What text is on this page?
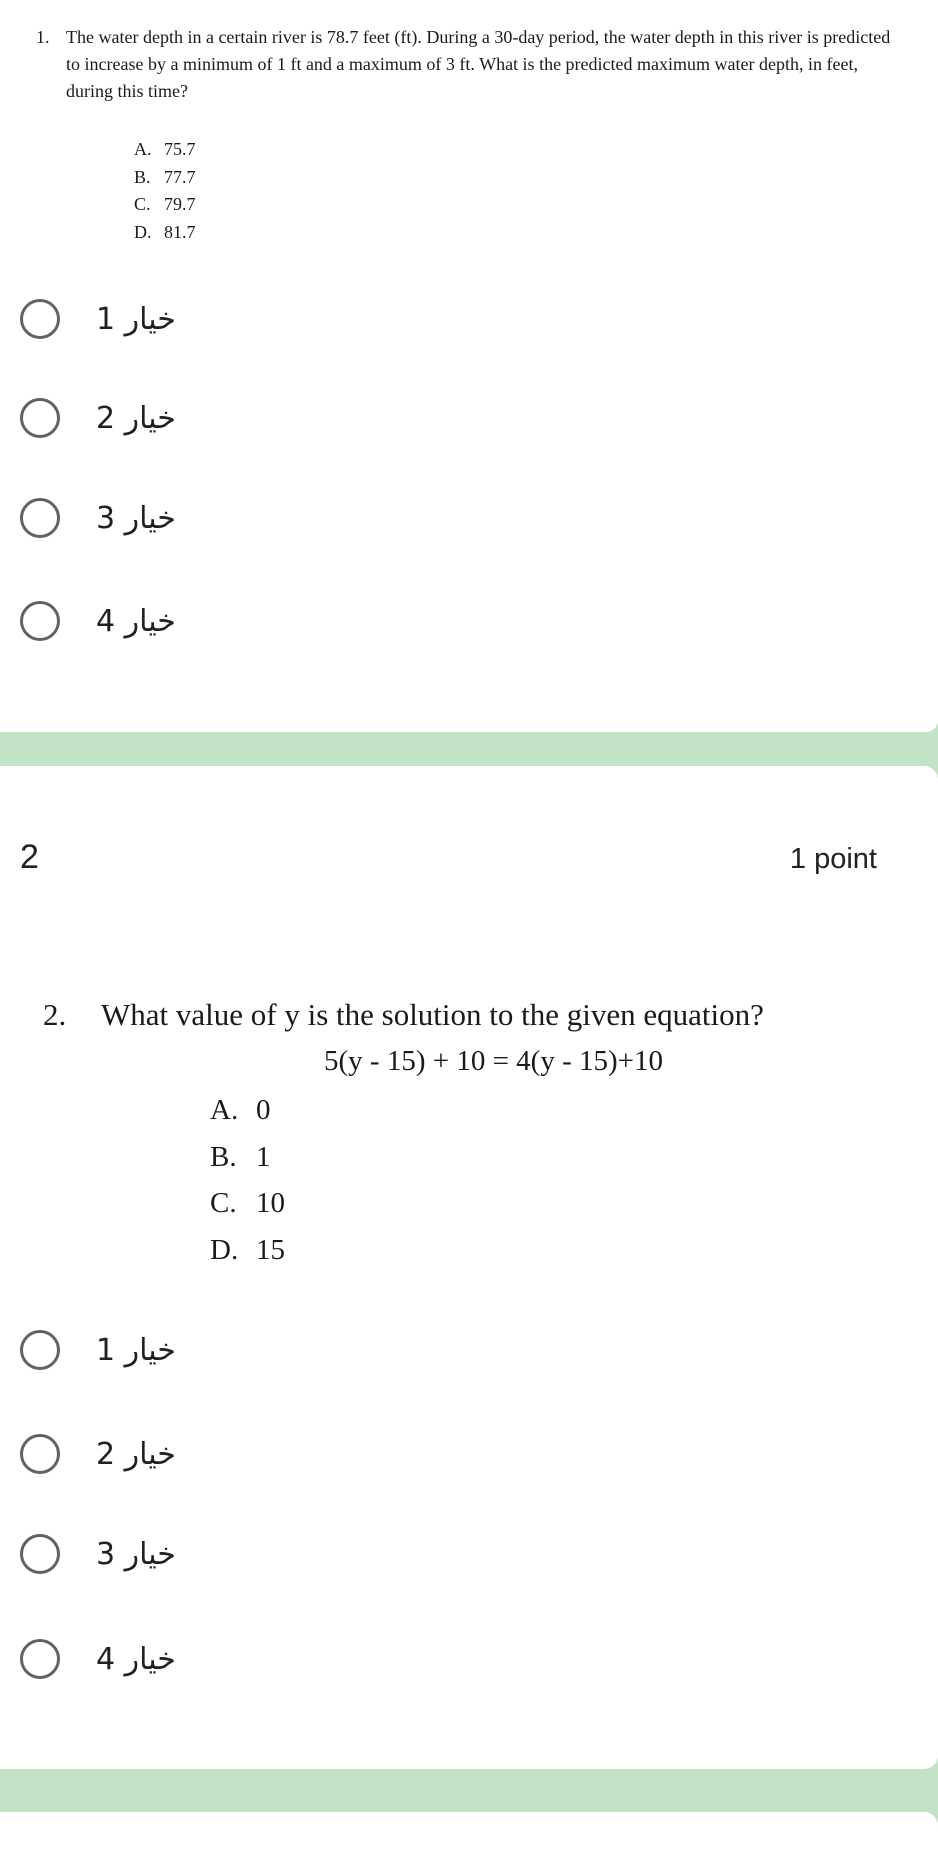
1. The water depth in a certain river is 78.7 feet (ft). During a 30-day period, the water depth in this river is predicted to increase by a minimum of 1 ft and a maximum of 3 ft. What is the predicted maximum water depth, in feet, during this time?
A. 75.7
B. 77.7
C. 79.7
D. 81.7
خيار 1
خيار 2
خيار 3
خيار 4
2	1 point
2. What value of y is the solution to the given equation?
5(y - 15) + 10 = 4(y - 15)+10
A. 0
B. 1
C. 10
D. 15
خيار 1
خيار 2
خيار 3
خيار 4
